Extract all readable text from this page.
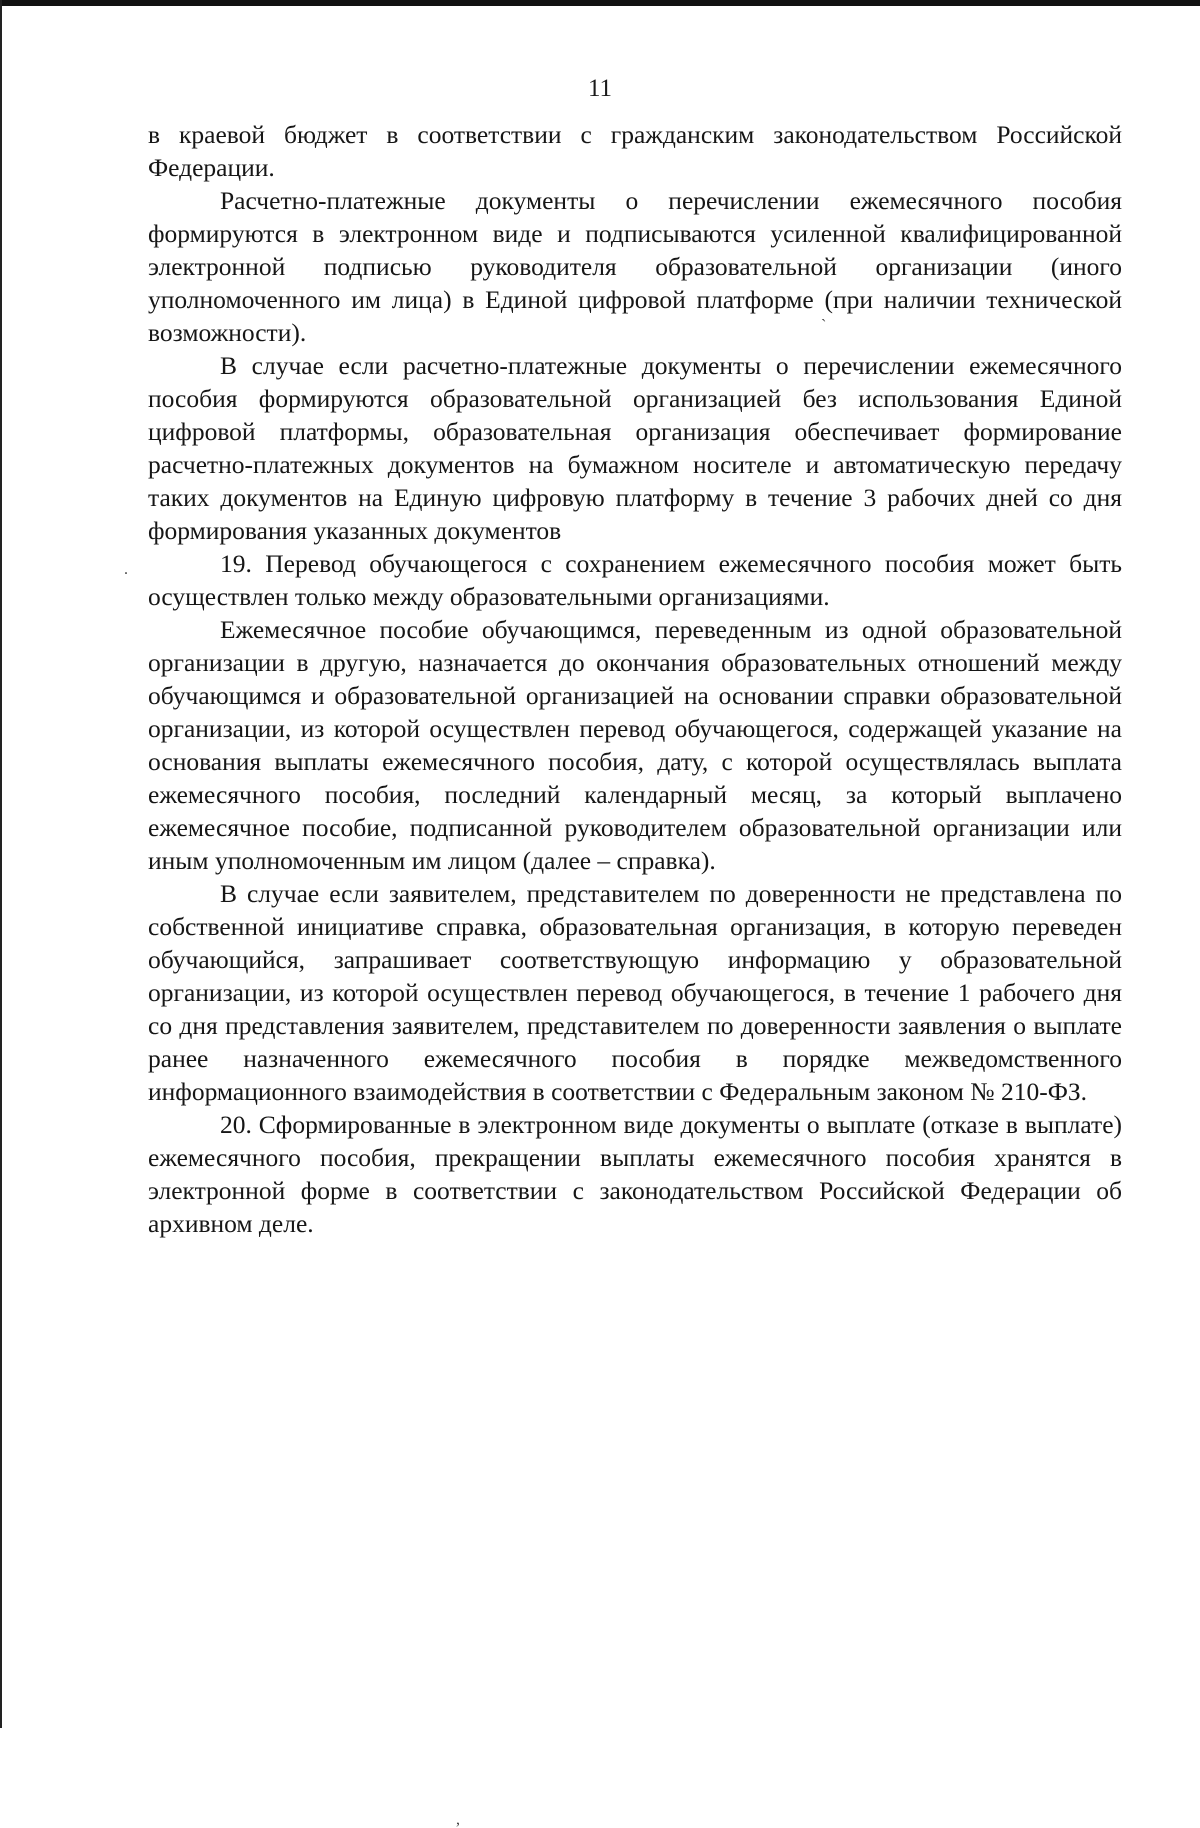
11

в краевой бюджет в соответствии с гражданским законодательством Российской Федерации.

Расчетно-платежные документы о перечислении ежемесячного пособия формируются в электронном виде и подписываются усиленной квалифицированной электронной подписью руководителя образовательной организации (иного уполномоченного им лица) в Единой цифровой платформе (при наличии технической возможности).

В случае если расчетно-платежные документы о перечислении ежемесячного пособия формируются образовательной организацией без использования Единой цифровой платформы, образовательная организация обеспечивает формирование расчетно-платежных документов на бумажном носителе и автоматическую передачу таких документов на Единую цифровую платформу в течение 3 рабочих дней со дня формирования указанных документов

19. Перевод обучающегося с сохранением ежемесячного пособия может быть осуществлен только между образовательными организациями.

Ежемесячное пособие обучающимся, переведенным из одной образовательной организации в другую, назначается до окончания образовательных отношений между обучающимся и образовательной организацией на основании справки образовательной организации, из которой осуществлен перевод обучающегося, содержащей указание на основания выплаты ежемесячного пособия, дату, с которой осуществлялась выплата ежемесячного пособия, последний календарный месяц, за который выплачено ежемесячное пособие, подписанной руководителем образовательной организации или иным уполномоченным им лицом (далее – справка).

В случае если заявителем, представителем по доверенности не представлена по собственной инициативе справка, образовательная организация, в которую переведен обучающийся, запрашивает соответствующую информацию у образовательной организации, из которой осуществлен перевод обучающегося, в течение 1 рабочего дня со дня представления заявителем, представителем по доверенности заявления о выплате ранее назначенного ежемесячного пособия в порядке межведомственного информационного взаимодействия в соответствии с Федеральным законом № 210-ФЗ.

20. Сформированные в электронном виде документы о выплате (отказе в выплате) ежемесячного пособия, прекращении выплаты ежемесячного пособия хранятся в электронной форме в соответствии с законодательством Российской Федерации об архивном деле.

ˋ
.
,
